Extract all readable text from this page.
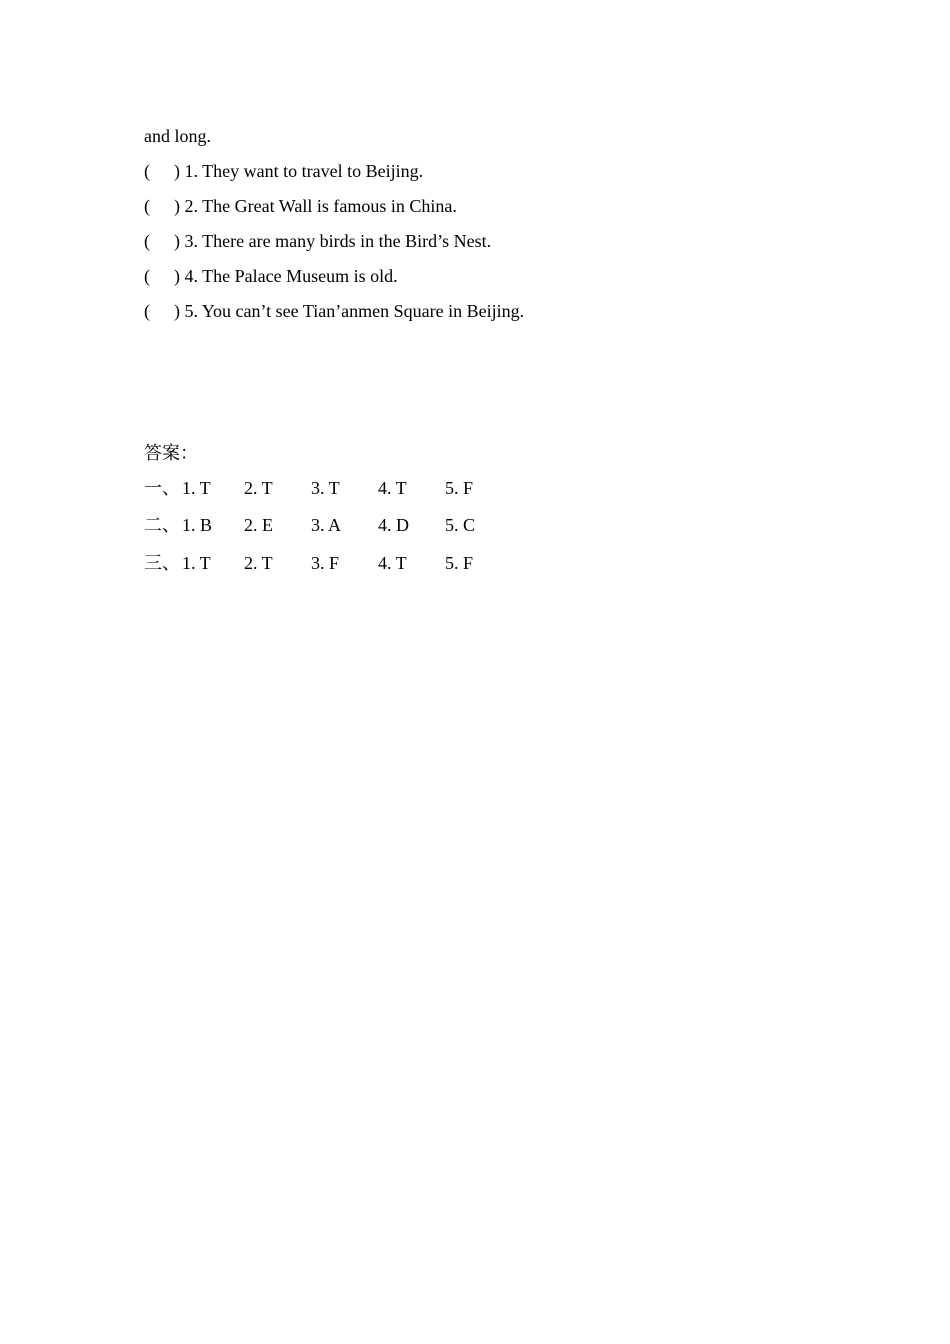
and long.
( ) 1. They want to travel to Beijing.
( ) 2. The Great Wall is famous in China.
( ) 3. There are many birds in the Bird’s Nest.
( ) 4. The Palace Museum is old.
( ) 5. You can’t see Tian’anmen Square in Beijing.
答案：
一、 1. T 2. T 3. T 4. T 5. F
二、 1. B 2. E 3. A 4. D 5. C
三、 1. T 2. T 3. F 4. T 5. F
